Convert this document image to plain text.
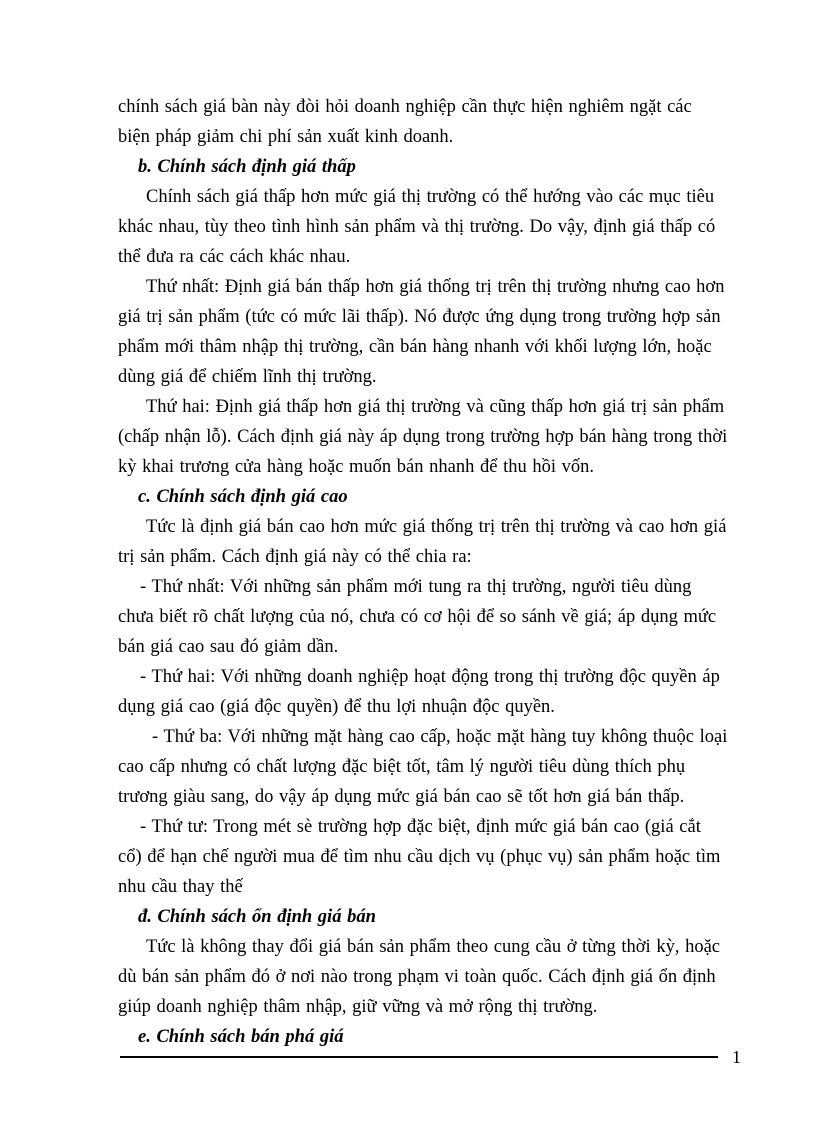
chính sách giá bàn này đòi hỏi doanh nghiệp cần thực hiện nghiêm ngặt các
biện pháp giảm chi phí sản xuất kinh doanh.
b. Chính sách định giá thấp
Chính sách giá thấp hơn mức giá thị trường có thể hướng vào các mục tiêu
khác nhau, tùy theo tình hình sản phẩm và thị trường. Do vậy, định giá thấp có
thể đưa ra các cách khác nhau.
Thứ nhất: Định giá bán thấp hơn giá thống trị trên thị trường nhưng cao hơn
giá trị sản phẩm (tức có mức lãi thấp). Nó được ứng dụng trong trường hợp sản
phẩm mới thâm nhập thị trường, cần bán hàng nhanh với khối lượng lớn, hoặc
dùng giá để chiếm lĩnh thị trường.
Thứ hai: Định giá thấp hơn giá thị trường và cũng thấp hơn giá trị sản phẩm
(chấp nhận lỗ). Cách định giá này áp dụng trong trường hợp bán hàng trong thời
kỳ khai trương cửa hàng hoặc muốn bán nhanh để thu hồi vốn.
c. Chính sách định giá cao
Tức là định giá bán cao hơn mức giá thống trị trên thị trường và cao hơn giá
trị sản phẩm. Cách định giá này có thể chia ra:
- Thứ nhất: Với những sản phẩm mới tung ra thị trường, người tiêu dùng
chưa biết rõ chất lượng của nó, chưa có cơ hội để so sánh về giá; áp dụng mức
bán giá cao sau đó giảm dần.
- Thứ hai: Với những doanh nghiệp hoạt động trong thị trường độc quyền áp
dụng giá cao (giá độc quyền) để thu lợi nhuận độc quyền.
- Thứ ba: Với những mặt hàng cao cấp, hoặc mặt hàng tuy không thuộc loại
cao cấp nhưng có chất lượng đặc biệt tốt, tâm lý người tiêu dùng thích phụ
trương giàu sang, do vậy áp dụng mức giá bán cao sẽ tốt hơn giá bán thấp.
- Thứ tư: Trong mét sè trường hợp đặc biệt, định mức giá bán cao (giá cắt
cổ) để hạn chế người mua để tìm nhu cầu dịch vụ (phục vụ) sản phẩm hoặc tìm
nhu cầu thay thế
đ. Chính sách ổn định giá bán
Tức là không thay đổi giá bán sản phẩm theo cung cầu ở từng thời kỳ, hoặc
dù bán sản phẩm đó ở nơi nào trong phạm vi toàn quốc. Cách định giá ổn định
giúp doanh nghiệp thâm nhập, giữ vững và mở rộng thị trường.
e. Chính sách bán phá giá
1
